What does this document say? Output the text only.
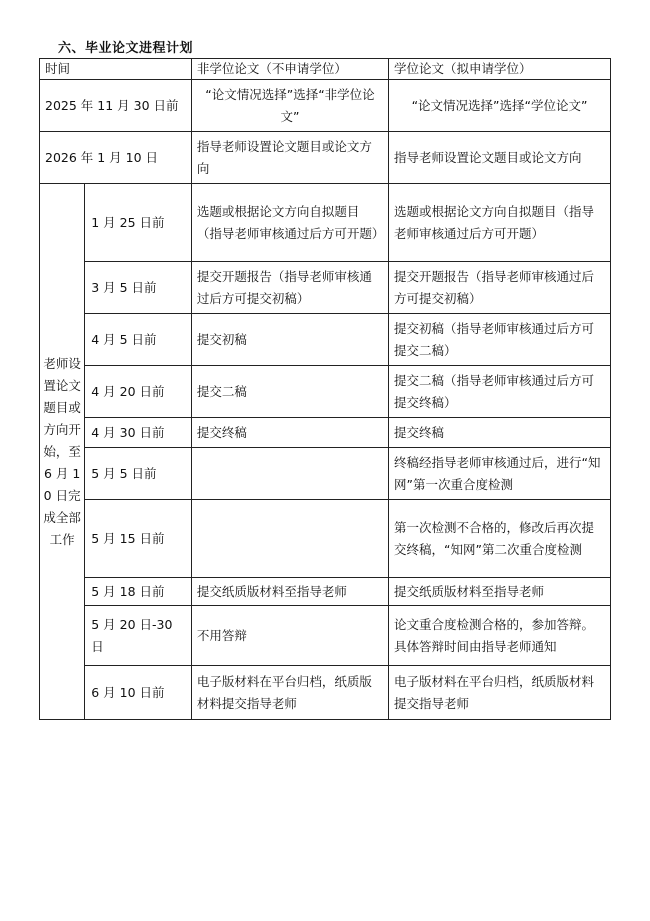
六、毕业论文进程计划
时间		非学位论文（不申请学位）	学位论文（拟申请学位）
2025 年 11 月 30 日前		“论文情况选择”选择“非学位论文”	“论文情况选择”选择“学位论文”
2026 年 1 月 10 日		指导老师设置论文题目或论文方向	指导老师设置论文题目或论文方向
老师设置论文题目或方向开始，至 6 月 10 日完成全部工作	1 月 25 日前	选题或根据论文方向自拟题目（指导老师审核通过后方可开题）	选题或根据论文方向自拟题目（指导老师审核通过后方可开题）
	3 月 5 日前	提交开题报告（指导老师审核通过后方可提交初稿）	提交开题报告（指导老师审核通过后方可提交初稿）
	4 月 5 日前	提交初稿	提交初稿（指导老师审核通过后方可提交二稿）
	4 月 20 日前	提交二稿	提交二稿（指导老师审核通过后方可提交终稿）
	4 月 30 日前	提交终稿	提交终稿
	5 月 5 日前		终稿经指导老师审核通过后，进行“知网”第一次重合度检测
	5 月 15 日前		第一次检测不合格的，修改后再次提交终稿，“知网”第二次重合度检测
	5 月 18 日前	提交纸质版材料至指导老师	提交纸质版材料至指导老师
	5 月 20 日-30 日	不用答辩	论文重合度检测合格的，参加答辩。具体答辩时间由指导老师通知
	6 月 10 日前	电子版材料在平台归档，纸质版材料提交指导老师	电子版材料在平台归档，纸质版材料提交指导老师
